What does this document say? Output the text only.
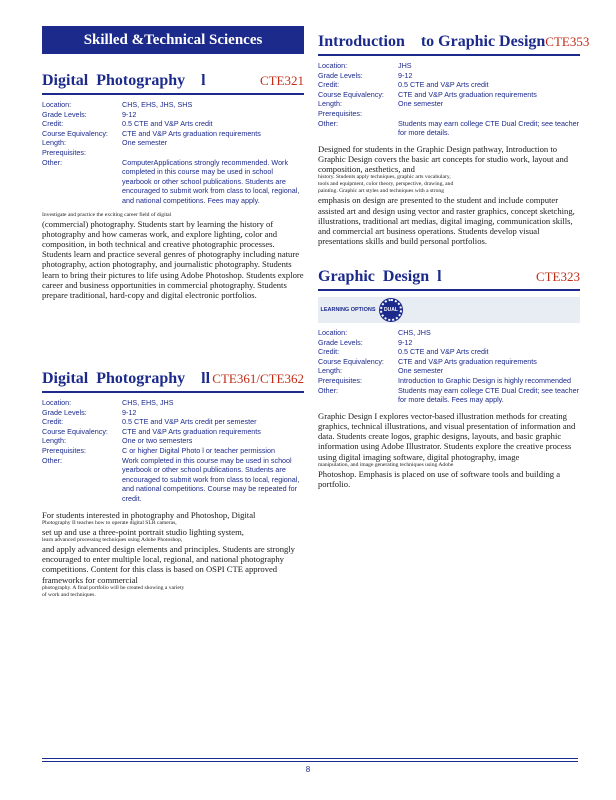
Skilled &Technical Sciences
Digital  Photography    l	CTE321
Location:	CHS, EHS, JHS, SHS
Grade Levels:	9-12
Credit:	0.5 CTE and V&P Arts credit
Course Equivalency:	CTE and V&P Arts graduation requirements
Length:	One semester
Prerequisites:
Other:	ComputerApplications strongly recommended. Work completed in this course may be used in school yearbook or other school publications. Students are encouraged to submit work from class to local, regional, and national competitions. Fees may apply.
Investigate and practice the exciting career field of digital
(commercial) photography. Students start by learning the history of photography and how cameras work, and explore lighting, color and composition, in both technical and creative photographic processes. Students learn and practice several genres of photography including nature photography, action photography, and journalistic photography. Students learn to bring their pictures to life using Adobe Photoshop. Students explore career and business opportunities in commercial photography. Students prepare traditional, hard-copy and digital electronic portfolios.
Digital  Photography    ll CTE361/CTE362
Location:	CHS, EHS, JHS
Grade Levels:	9-12
Credit:	0.5 CTE and V&P Arts credit per semester
Course Equivalency:	CTE and V&P Arts graduation requirements
Length:	One or two semesters
Prerequisites:	C or higher Digital Photo l or teacher permission
Other:	Work completed in this course may be used in school yearbook or other school publications. Students are encouraged to submit work from class to local, regional, and national competitions. Course may be repeated for credit.
For students interested in photography and Photoshop, Digital
Photography II teaches how to operate digital SLR cameras,
set up and use a three-point portrait studio lighting system,
learn advanced processing techniques using Adobe Photoshop,
and apply advanced design elements and principles. Students are strongly encouraged to enter multiple local, regional, and national photography competitions. Content for this class is based on OSPI CTE approved frameworks for commercial
photography. A final portfolio will be created showing a variety
of work and techniques.
Introduction    to Graphic Design CTE353
Location:	JHS
Grade Levels:	9-12
Credit:	0.5 CTE and V&P Arts credit
Course Equivalency:	CTE and V&P Arts graduation requirements
Length:	One semester
Prerequisites:
Other:	Students may earn college CTE Dual Credit; see teacher for more details.
Designed for students in the Graphic Design pathway, Introduction to Graphic Design covers the basic art concepts for studio work, layout and composition, aesthetics, and
history. Students apply techniques, graphic arts vocabulary,
tools and equipment, color theory, perspective, drawing, and
painting. Graphic art styles and techniques with a strong
emphasis on design are presented to the student and include computer assisted art and design using vector and raster graphics, concept sketching, illustrations, traditional art medias, digital imaging, communication skills, and commercial art business operations. Students develop visual presentations skills and build personal portfolios.
Graphic  Design  l	CTE323
LEARNING OPTIONS	DUAL
Location:	CHS, JHS
Grade Levels:	9-12
Credit:	0.5 CTE and V&P Arts credit
Course Equivalency:	CTE and V&P Arts graduation requirements
Length:	One semester
Prerequisites:	Introduction to Graphic Design is highly recommended
Other:	Students may earn college CTE Dual Credit; see teacher for more details. Fees may apply.
Graphic Design I explores vector-based illustration methods for creating graphics, technical illustrations, and visual presentation of information and data. Students create logos, graphic designs, layouts, and basic graphic information using Adobe Illustrator. Students explore the creative process using digital imaging software, digital photography, image
manipulation, and image generating techniques using Adobe
Photoshop. Emphasis is placed on use of software tools and building a portfolio.
8
